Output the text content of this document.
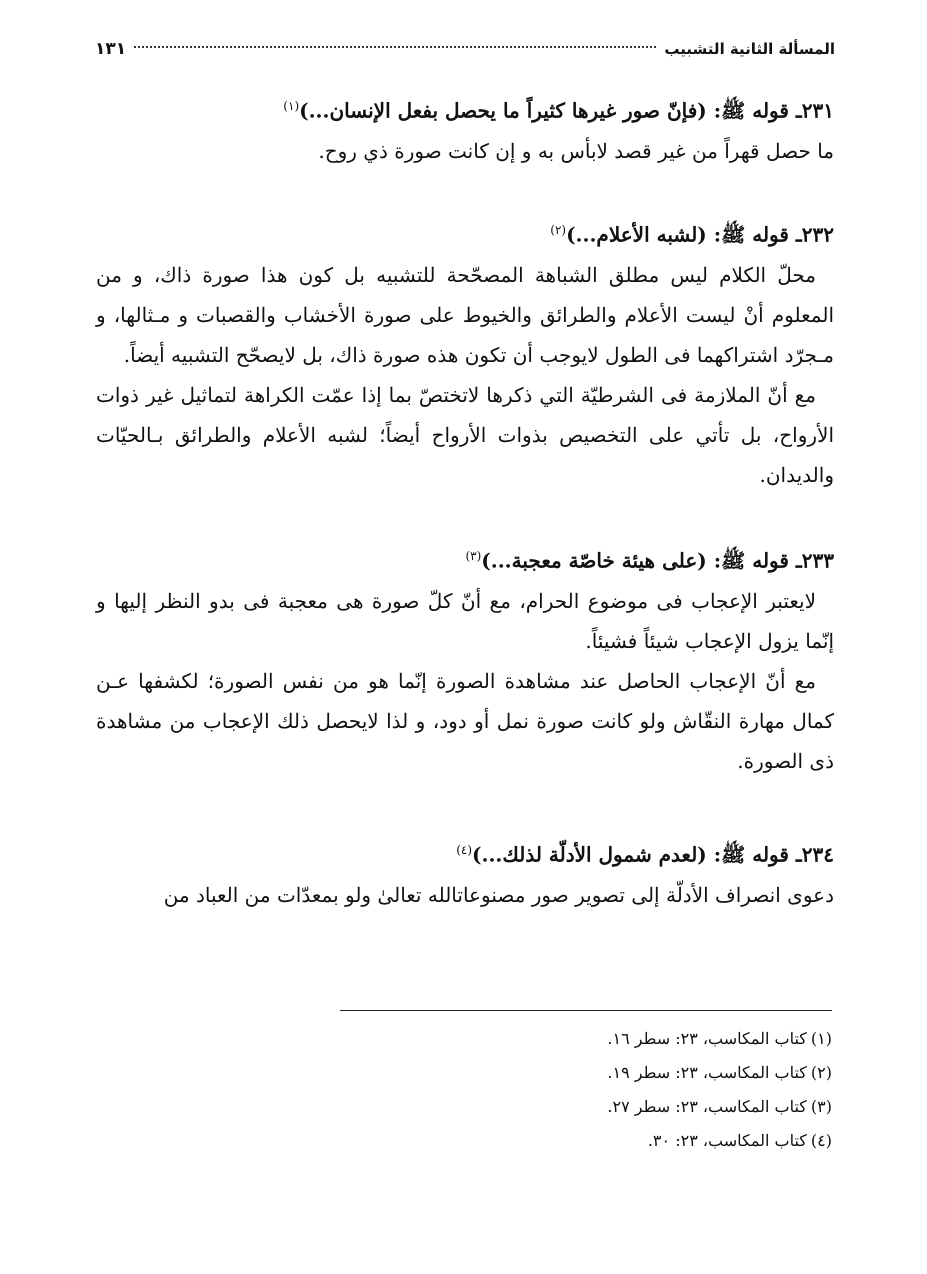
المسألة الثانية التشبيب
١٣١
٢٣١ـ قوله ﷺ: (فإنّ صور غيرها كثيراً ما يحصل بفعل الإنسان...)$^{(١)}$

ما حصل قهراً من غير قصد لابأس به و إن كانت صورة ذي روح.

٢٣٢ـ قوله ﷺ: (لشبه الأعلام...)$^{(٢)}$

محلّ الكلام ليس مطلق الشباهة المصحّحة للتشبيه بل كون هذا صورة ذاك، و من المعلوم أنْ ليست الأعلام والطرائق والخيوط على صورة الأخشاب والقصبات و مـثالها، و مـجرّد اشتراكهما فى الطول لايوجب أن تكون هذه صورة ذاك، بل لايصحّح التشبيه أيضاً.

مع أنّ الملازمة فى الشرطيّة التي ذكرها لاتختصّ بما إذا عمّت الكراهة لتماثيل غير ذوات الأرواح، بل تأتي على التخصيص بذوات الأرواح أيضاً؛ لشبه الأعلام والطرائق بـالحيّات والديدان.

٢٣٣ـ قوله ﷺ: (على هيئة خاصّة معجبة...)$^{(٣)}$

لايعتبر الإعجاب فى موضوع الحرام، مع أنّ كلّ صورة هى معجبة فى بدو النظر إليها و إنّما يزول الإعجاب شيئاً فشيئاً.

مع أنّ الإعجاب الحاصل عند مشاهدة الصورة إنّما هو من نفس الصورة؛ لكشفها عـن كمال مهارة النقّاش ولو كانت صورة نمل أو دود، و لذا لايحصل ذلك الإعجاب من مشاهدة ذى الصورة.

٢٣٤ـ قوله ﷺ: (لعدم شمول الأدلّة لذلك...)$^{(٤)}$

دعوى انصراف الأدلّة إلى تصوير صور مصنوعاتالله تعالىٰ ولو بمعدّات من العباد من

(١)كتاب المكاسب، ٢٣: سطر ١٦.

(٢)كتاب المكاسب، ٢٣: سطر ١٩.

(٣)كتاب المكاسب، ٢٣: سطر ٢٧.

(٤)كتاب المكاسب، ٢٣: ٣٠.
